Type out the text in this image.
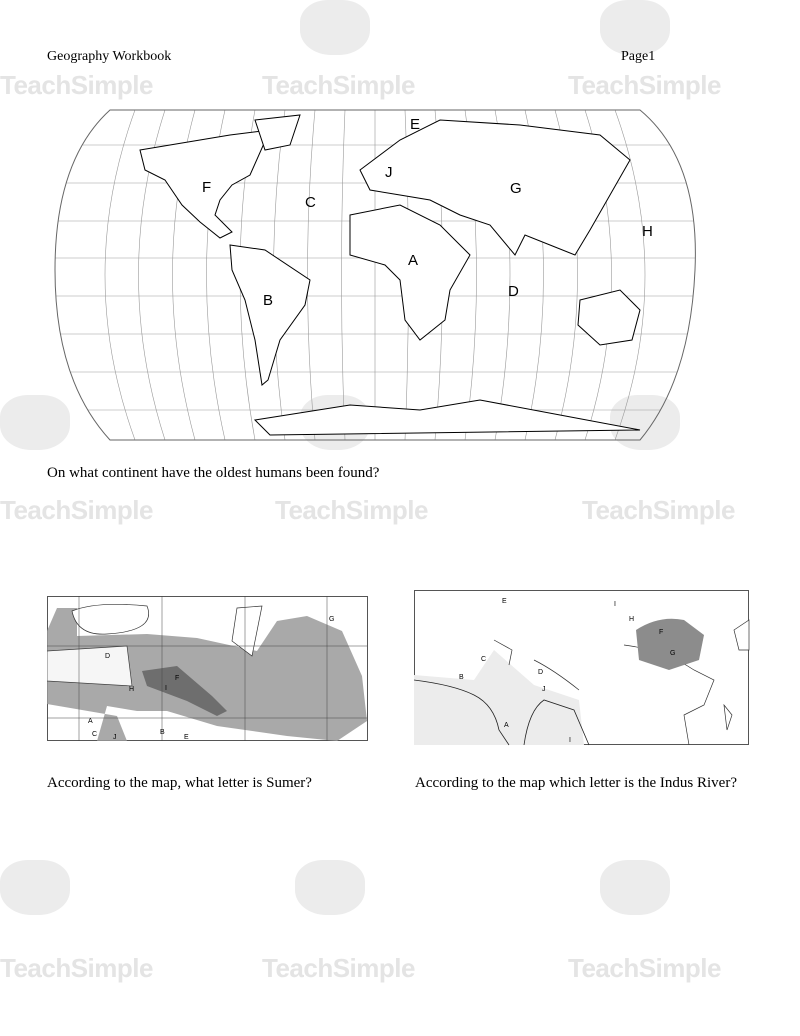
TeachSimple	TeachSimple	TeachSimple
TeachSimple	TeachSimple	TeachSimple
TeachSimple	TeachSimple	TeachSimple
Geography Workbook	Page1
E
J
F	G
C
H
A
D
B
On what continent have the oldest humans been found?
G
D
F
I
H
A
B
E
C J
According to the map, what letter is Sumer?
E	I
H
F
G
C
B
D
J
A
I
According to the map which letter is the Indus River?
